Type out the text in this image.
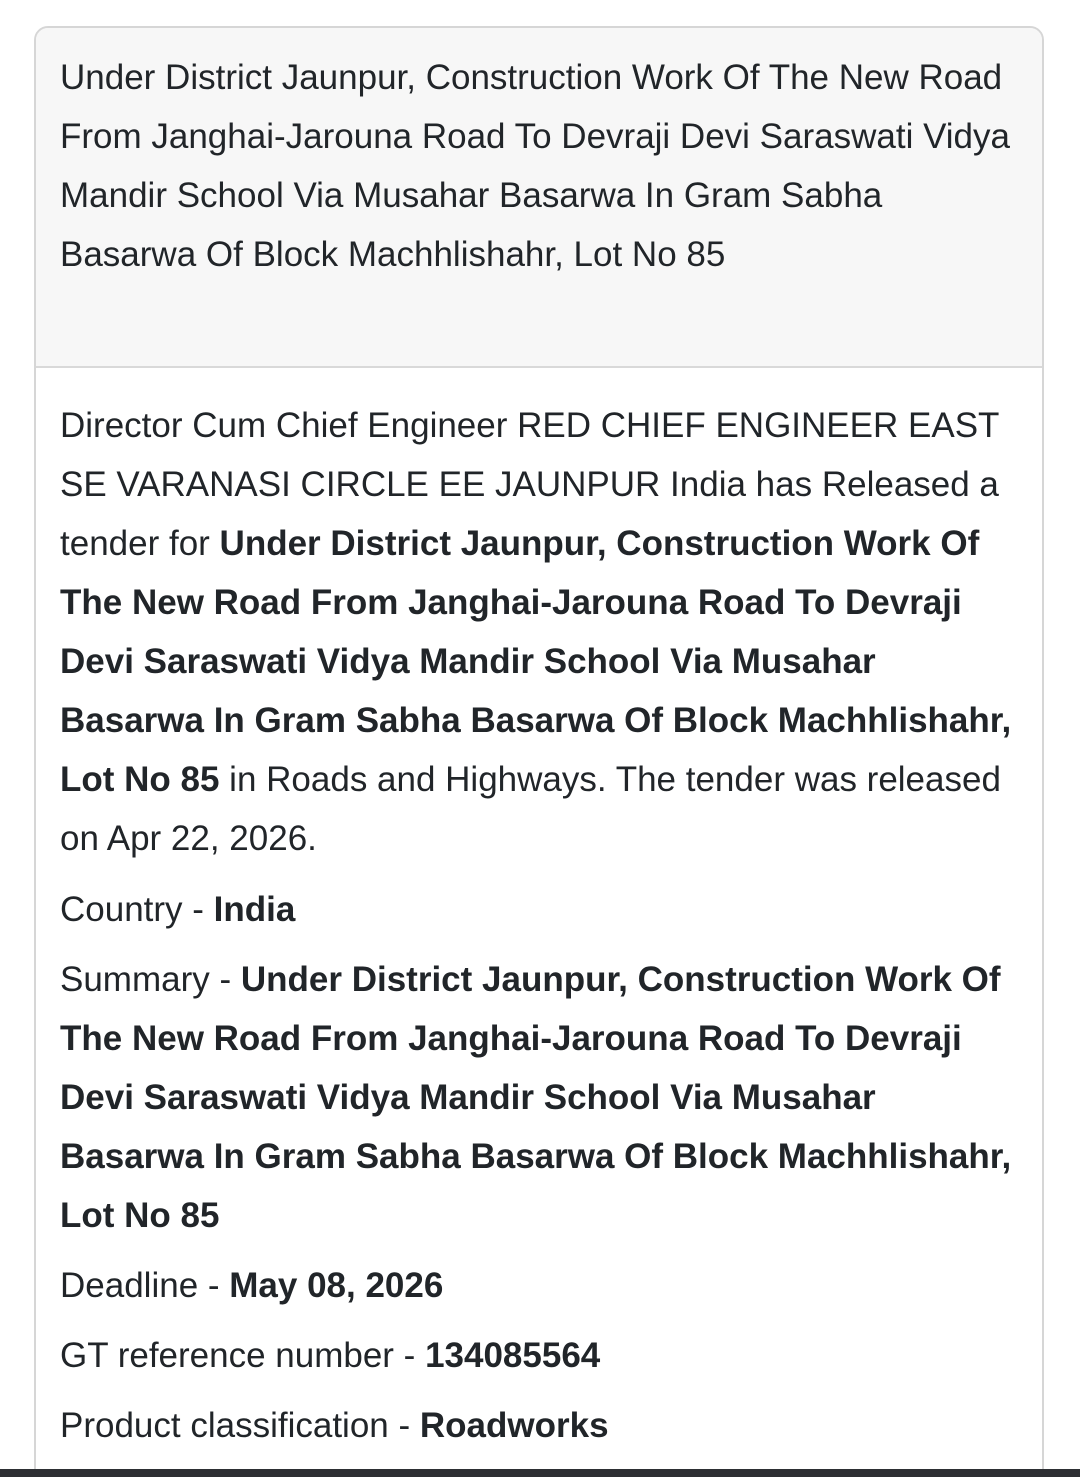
Under District Jaunpur, Construction Work Of The New Road From Janghai-Jarouna Road To Devraji Devi Saraswati Vidya Mandir School Via Musahar Basarwa In Gram Sabha Basarwa Of Block Machhlishahr, Lot No 85

Director Cum Chief Engineer RED CHIEF ENGINEER EAST SE VARANASI CIRCLE EE JAUNPUR India has Released a tender for Under District Jaunpur, Construction Work Of The New Road From Janghai-Jarouna Road To Devraji Devi Saraswati Vidya Mandir School Via Musahar Basarwa In Gram Sabha Basarwa Of Block Machhlishahr, Lot No 85 in Roads and Highways. The tender was released on Apr 22, 2026.

Country - India

Summary - Under District Jaunpur, Construction Work Of The New Road From Janghai-Jarouna Road To Devraji Devi Saraswati Vidya Mandir School Via Musahar Basarwa In Gram Sabha Basarwa Of Block Machhlishahr, Lot No 85

Deadline - May 08, 2026

GT reference number - 134085564

Product classification - Roadworks
